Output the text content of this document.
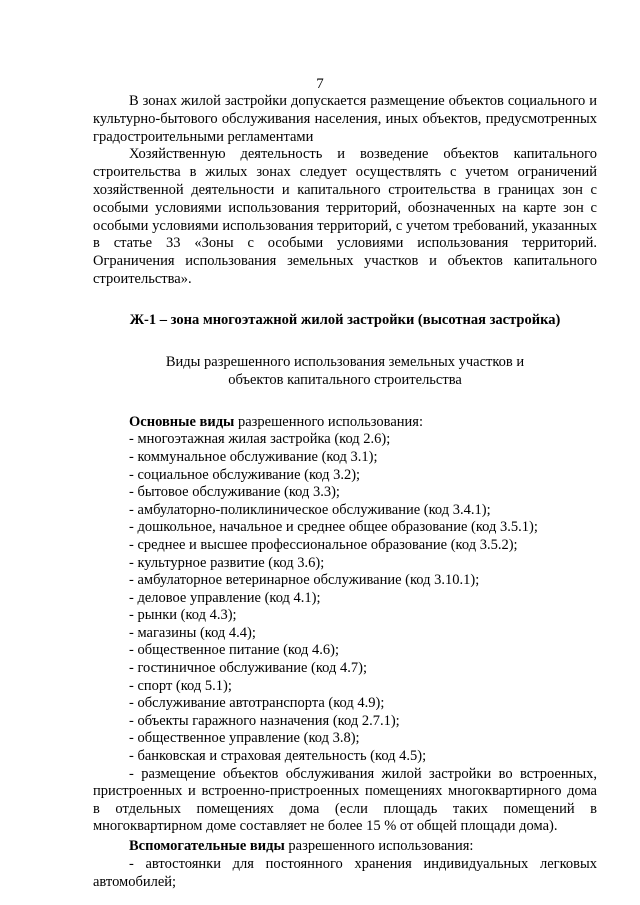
7

В зонах жилой застройки допускается размещение объектов социального и культурно-бытового обслуживания населения, иных объектов, предусмотренных градостроительными регламентами

Хозяйственную деятельность и возведение объектов капитального строительства в жилых зонах следует осуществлять с учетом ограничений хозяйственной деятельности и капитального строительства в границах зон с особыми условиями использования территорий, обозначенных на карте зон с особыми условиями использования территорий, с учетом требований, указанных в статье 33 «Зоны с особыми условиями использования территорий. Ограничения использования земельных участков и объектов капитального строительства».

Ж-1 – зона многоэтажной жилой застройки (высотная застройка)

Виды разрешенного использования земельных участков и
объектов капитального строительства

Основные виды разрешенного использования:

- многоэтажная жилая застройка (код 2.6);
- коммунальное обслуживание (код 3.1);
- социальное обслуживание (код 3.2);
- бытовое обслуживание (код 3.3);
- амбулаторно-поликлиническое обслуживание (код 3.4.1);
- дошкольное, начальное и среднее общее образование (код 3.5.1);
- среднее и высшее профессиональное образование (код 3.5.2);
- культурное развитие (код 3.6);
- амбулаторное ветеринарное обслуживание (код 3.10.1);
- деловое управление (код 4.1);
- рынки (код 4.3);
- магазины (код 4.4);
- общественное питание (код 4.6);
- гостиничное обслуживание (код 4.7);
- спорт (код 5.1);
- обслуживание автотранспорта (код 4.9);
- объекты гаражного назначения (код 2.7.1);
- общественное управление (код 3.8);
- банковская и страховая деятельность (код 4.5);

- размещение объектов обслуживания жилой застройки во встроенных, пристроенных и встроенно-пристроенных помещениях многоквартирного дома в отдельных помещениях дома (если площадь таких помещений в многоквартирном доме составляет не более 15 % от общей площади дома).

Вспомогательные виды разрешенного использования:

- автостоянки для постоянного хранения индивидуальных легковых автомобилей;
